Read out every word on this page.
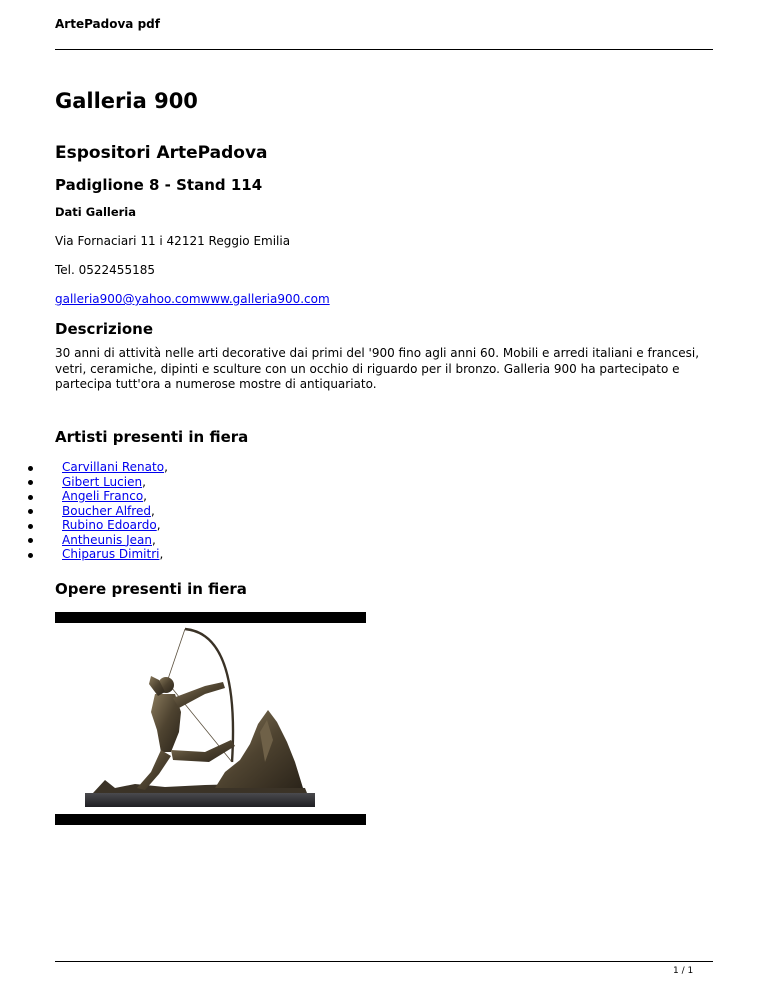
ArtePadova pdf
Galleria 900
Espositori ArtePadova
Padiglione 8 - Stand 114
Dati Galleria
Via Fornaciari 11 i 42121 Reggio Emilia
Tel. 0522455185
galleria900@yahoo.comwww.galleria900.com
Descrizione
30 anni di attività nelle arti decorative dai primi del '900 fino agli anni 60. Mobili e arredi italiani e francesi, vetri, ceramiche, dipinti e sculture con un occhio di riguardo per il bronzo. Galleria 900 ha partecipato e partecipa tutt'ora a numerose mostre di antiquariato.
Artisti presenti in fiera
Carvillani Renato,
Gibert Lucien,
Angeli Franco,
Boucher Alfred,
Rubino Edoardo,
Antheunis Jean,
Chiparus Dimitri,
Opere presenti in fiera
1 / 1
